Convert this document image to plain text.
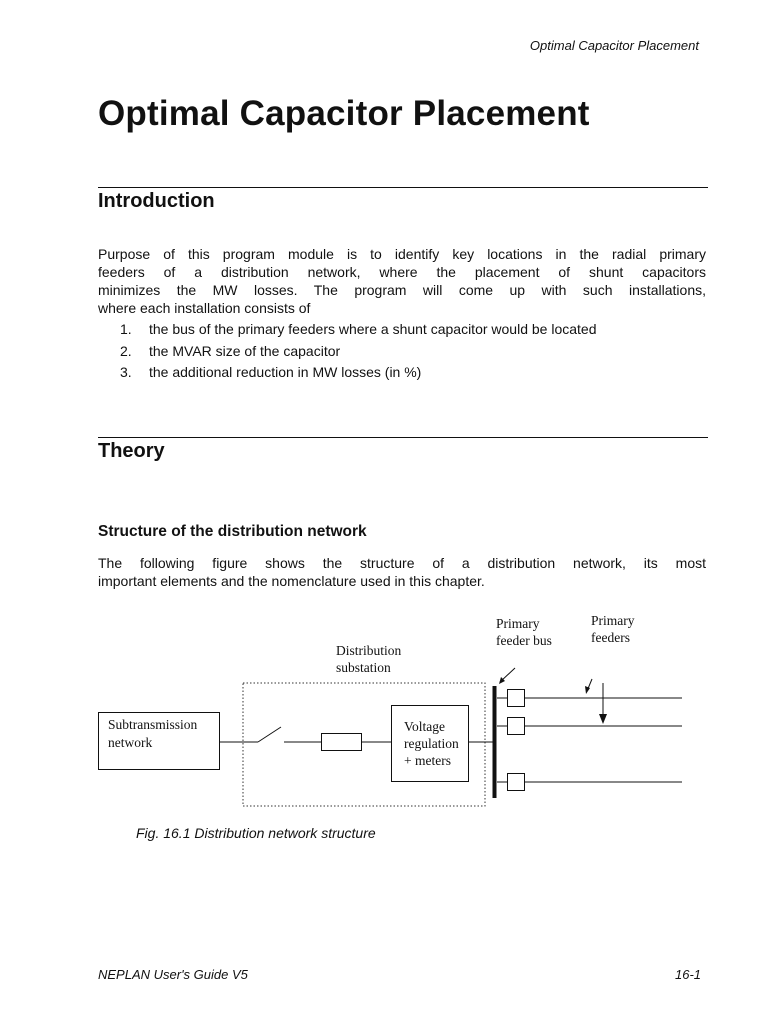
Optimal Capacitor Placement
Optimal Capacitor Placement
Introduction
Purpose of this program module is to identify key locations in the radial primary
feeders of a distribution network, where the placement of shunt capacitors
minimizes the MW losses. The program will come up with such installations,
where each installation consists of
1. the bus of the primary feeders where a shunt capacitor would be located
2. the MVAR size of the capacitor
3. the additional reduction in MW losses (in %)
Theory
Structure of the distribution network
The following figure shows the structure of a distribution network, its most
important elements and the nomenclature used in this chapter.
Primary
feeder bus
Primary
feeders
Distribution
substation
Subtransmission
network
Voltage
regulation
+ meters
Fig. 16.1 Distribution network structure
NEPLAN User's Guide V5	16-1
